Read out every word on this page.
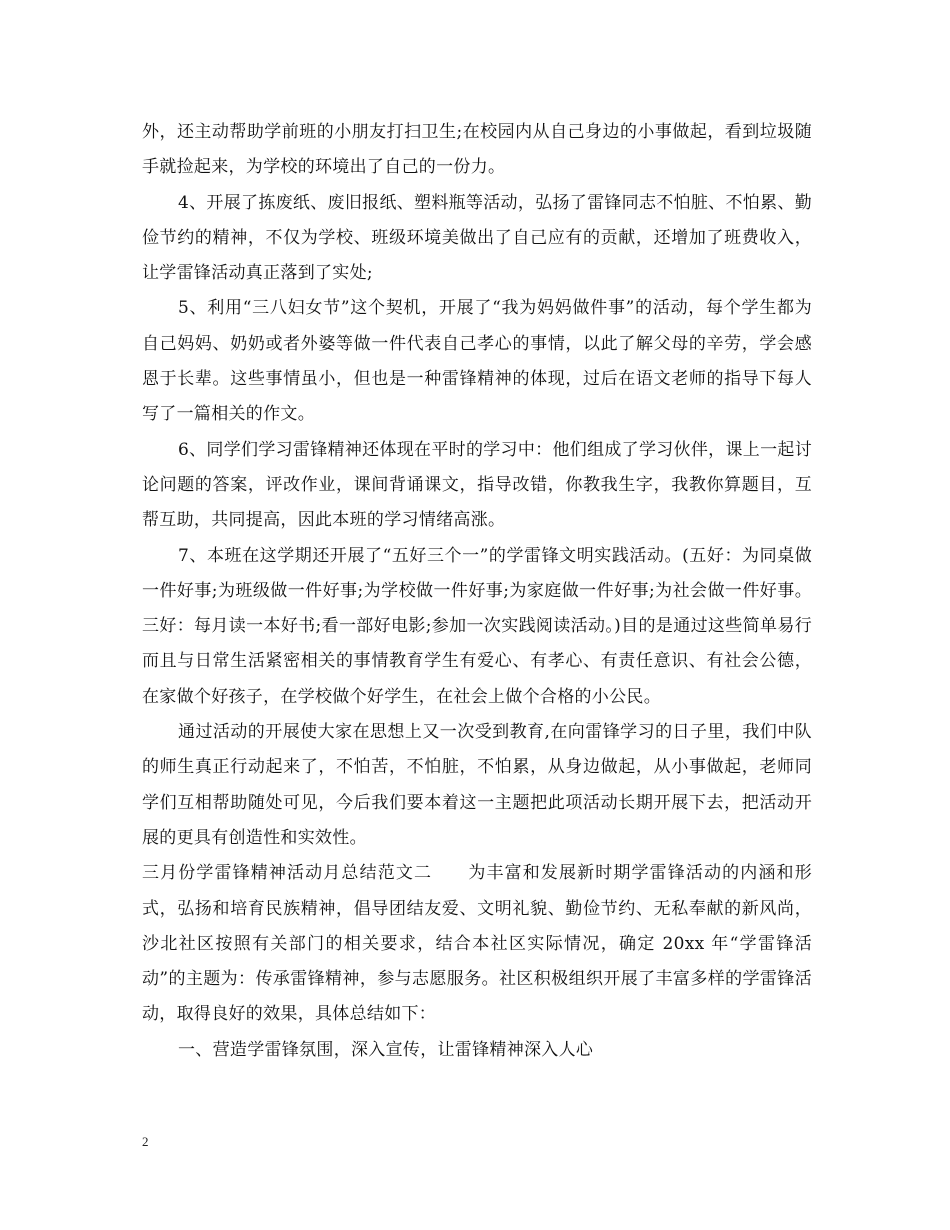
外，还主动帮助学前班的小朋友打扫卫生;在校园内从自己身边的小事做起，看到垃圾随手就捡起来，为学校的环境出了自己的一份力。

4、开展了拣废纸、废旧报纸、塑料瓶等活动，弘扬了雷锋同志不怕脏、不怕累、勤俭节约的精神，不仅为学校、班级环境美做出了自己应有的贡献，还增加了班费收入，让学雷锋活动真正落到了实处;

5、利用“三八妇女节”这个契机，开展了“我为妈妈做件事”的活动，每个学生都为自己妈妈、奶奶或者外婆等做一件代表自己孝心的事情，以此了解父母的辛劳，学会感恩于长辈。这些事情虽小，但也是一种雷锋精神的体现，过后在语文老师的指导下每人写了一篇相关的作文。

6、同学们学习雷锋精神还体现在平时的学习中：他们组成了学习伙伴，课上一起讨论问题的答案，评改作业，课间背诵课文，指导改错，你教我生字，我教你算题目，互帮互助，共同提高，因此本班的学习情绪高涨。

7、本班在这学期还开展了“五好三个一”的学雷锋文明实践活动。(五好：为同桌做一件好事;为班级做一件好事;为学校做一件好事;为家庭做一件好事;为社会做一件好事。三好：每月读一本好书;看一部好电影;参加一次实践阅读活动。)目的是通过这些简单易行而且与日常生活紧密相关的事情教育学生有爱心、有孝心、有责任意识、有社会公德，在家做个好孩子，在学校做个好学生，在社会上做个合格的小公民。

通过活动的开展使大家在思想上又一次受到教育,在向雷锋学习的日子里，我们中队的师生真正行动起来了，不怕苦，不怕脏，不怕累，从身边做起，从小事做起，老师同学们互相帮助随处可见，今后我们要本着这一主题把此项活动长期开展下去，把活动开展的更具有创造性和实效性。

三月份学雷锋精神活动月总结范文二　　为丰富和发展新时期学雷锋活动的内涵和形式，弘扬和培育民族精神，倡导团结友爱、文明礼貌、勤俭节约、无私奉献的新风尚，沙北社区按照有关部门的相关要求，结合本社区实际情况，确定 20xx 年“学雷锋活动”的主题为：传承雷锋精神，参与志愿服务。社区积极组织开展了丰富多样的学雷锋活动，取得良好的效果，具体总结如下：

一、营造学雷锋氛围，深入宣传，让雷锋精神深入人心

2
